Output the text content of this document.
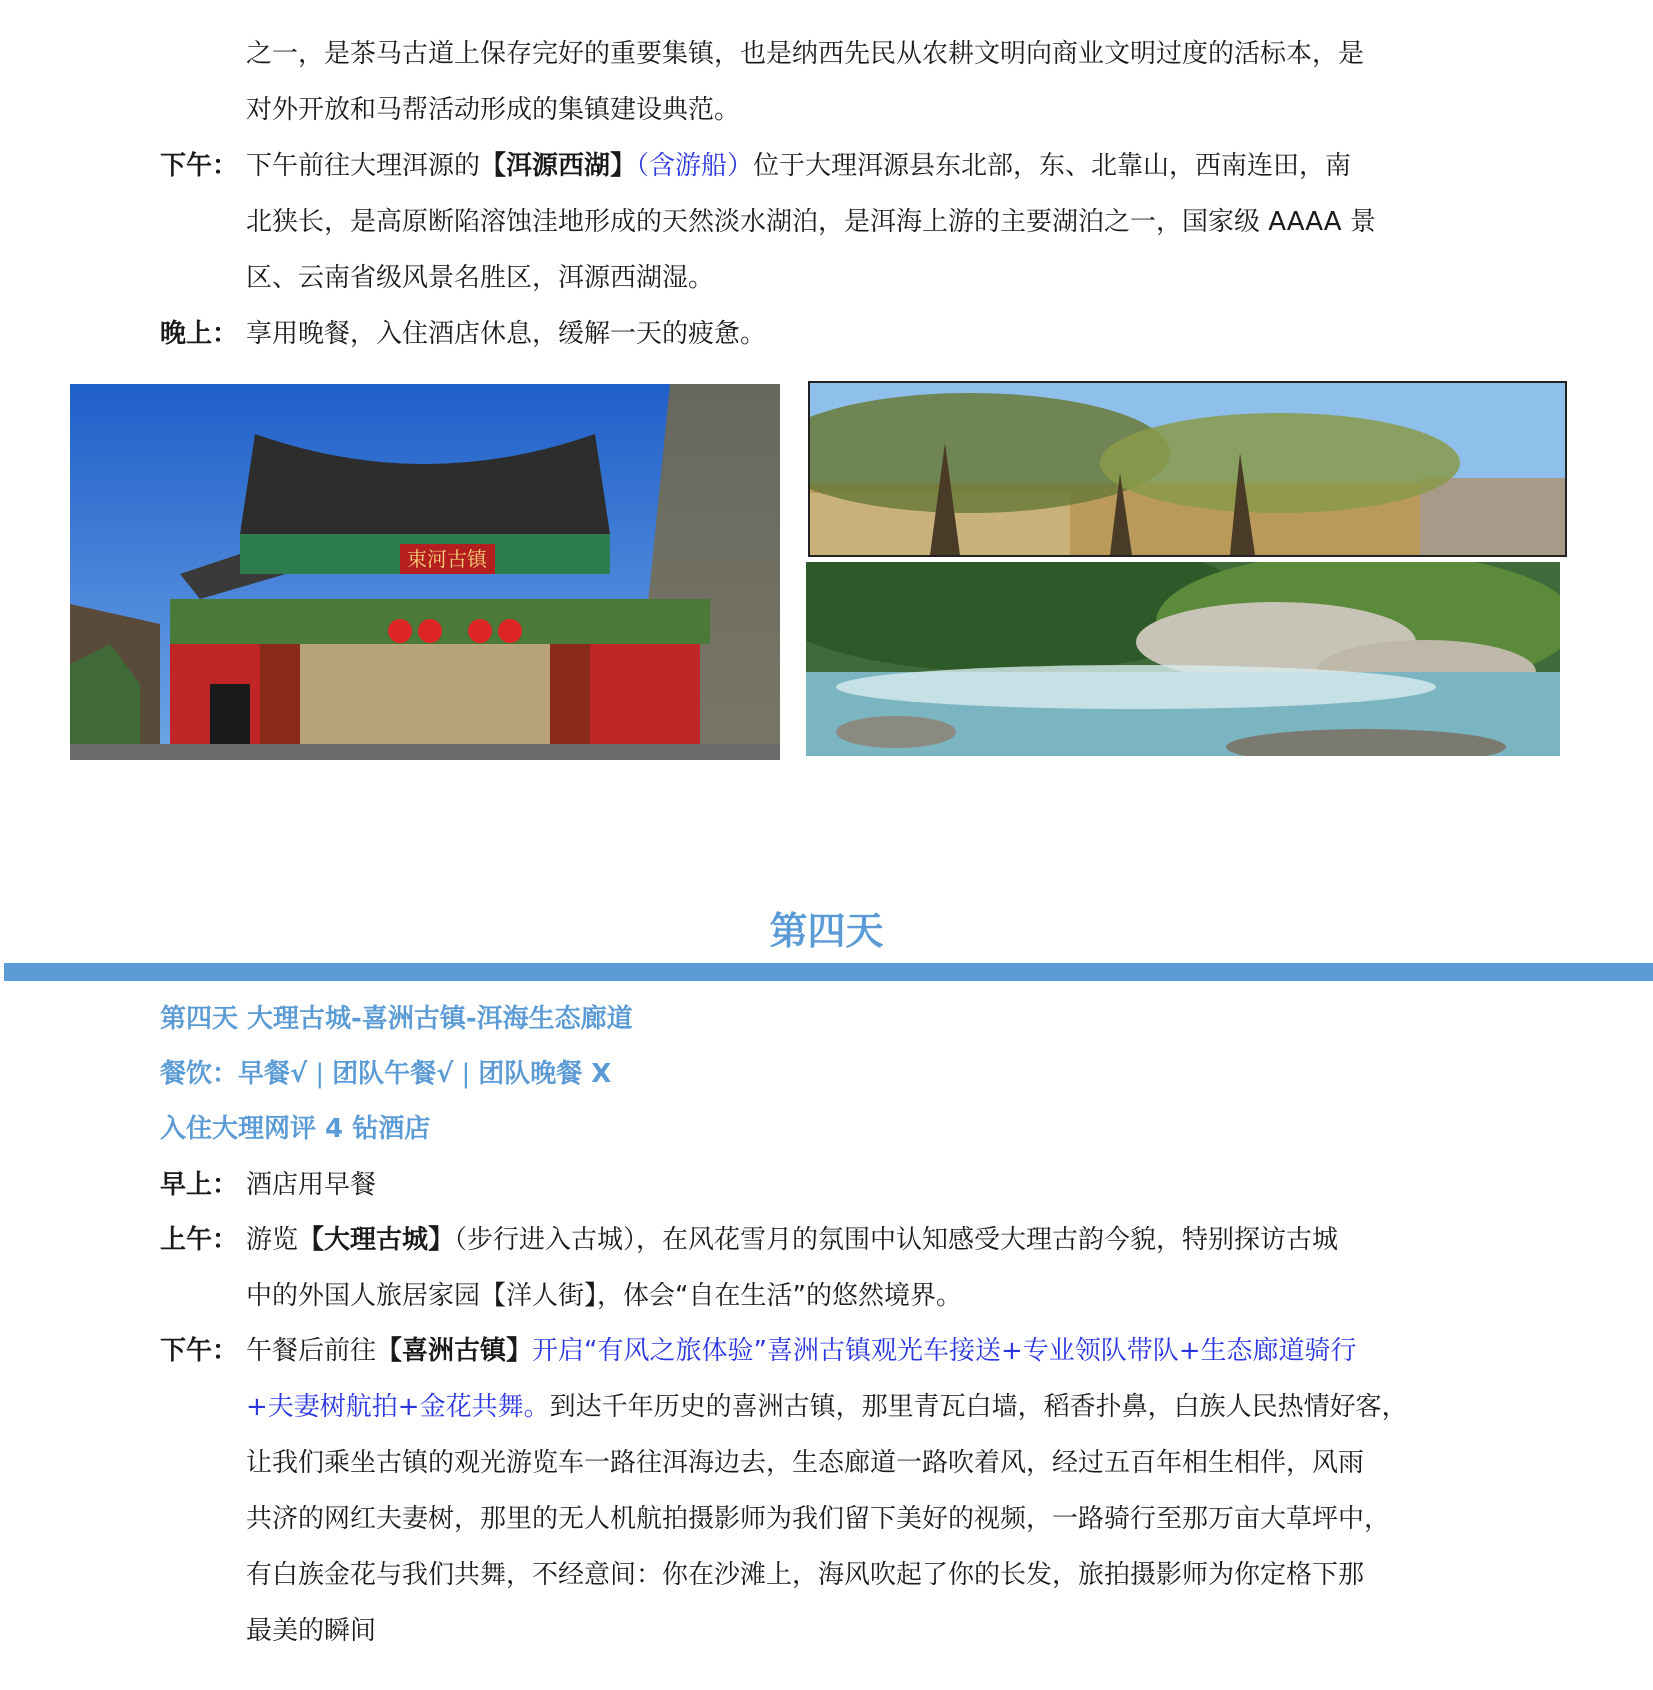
之一，是茶马古道上保存完好的重要集镇，也是纳西先民从农耕文明向商业文明过度的活标本，是
对外开放和马帮活动形成的集镇建设典范。
下午： 下午前往大理洱源的【洱源西湖】（含游船）位于大理洱源县东北部，东、北靠山，西南连田，南
北狭长，是高原断陷溶蚀洼地形成的天然淡水湖泊，是洱海上游的主要湖泊之一，国家级 AAAA 景
区、云南省级风景名胜区，洱源西湖湿。
晚上： 享用晚餐，入住酒店休息，缓解一天的疲惫。
束河古镇
第四天
第四天 大理古城-喜洲古镇-洱海生态廊道
餐饮：早餐√ | 团队午餐√ | 团队晚餐 X
入住大理网评 4 钻酒店
早上： 酒店用早餐
上午： 游览【大理古城】（步行进入古城），在风花雪月的氛围中认知感受大理古韵今貌，特别探访古城
中的外国人旅居家园【洋人街】，体会“自在生活”的悠然境界。
下午： 午餐后前往【喜洲古镇】开启“有风之旅体验”喜洲古镇观光车接送+专业领队带队+生态廊道骑行
+夫妻树航拍+金花共舞。到达千年历史的喜洲古镇，那里青瓦白墙，稻香扑鼻，白族人民热情好客，
让我们乘坐古镇的观光游览车一路往洱海边去，生态廊道一路吹着风，经过五百年相生相伴，风雨
共济的网红夫妻树，那里的无人机航拍摄影师为我们留下美好的视频，一路骑行至那万亩大草坪中，
有白族金花与我们共舞，不经意间：你在沙滩上，海风吹起了你的长发，旅拍摄影师为你定格下那
最美的瞬间
